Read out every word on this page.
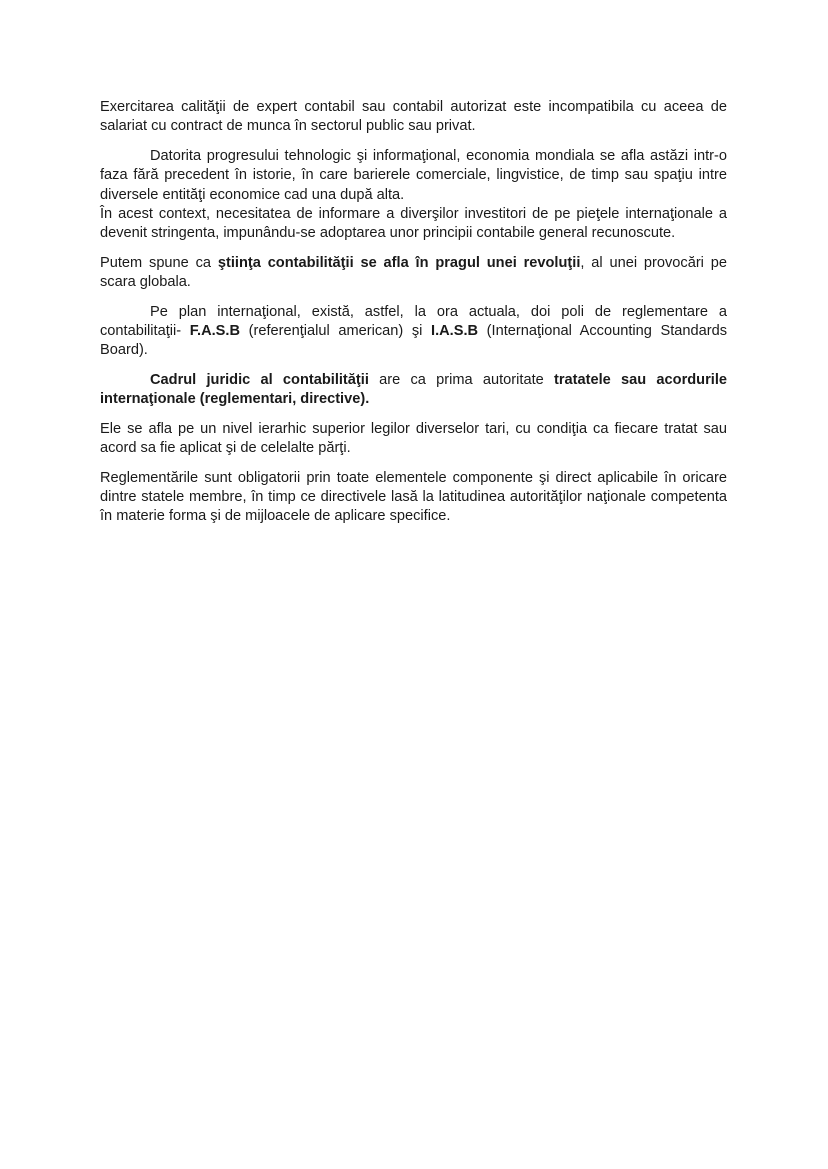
Exercitarea calităţii de expert contabil sau contabil autorizat este incompatibila cu aceea de salariat cu contract de munca în sectorul public sau privat.

Datorita progresului tehnologic şi informaţional, economia mondiala se afla astăzi intr-o faza fără precedent în istorie, în care barierele comerciale, lingvistice, de timp sau spaţiu intre diversele entităţi economice cad una după alta.

În acest context, necesitatea de informare a diverşilor investitori de pe pieţele internaţionale a devenit stringenta, impunându-se adoptarea unor principii contabile general recunoscute.

Putem spune ca ştiinţa contabilităţii se afla în pragul unei revoluţii, al unei provocări pe scara globala.

Pe plan internaţional, există, astfel, la ora actuala, doi poli de reglementare a contabilitaţii- F.A.S.B (referenţialul american) şi I.A.S.B (Internaţional Accounting Standards Board).

Cadrul juridic al contabilităţii are ca prima autoritate tratatele sau acordurile internaţionale (reglementari, directive).

Ele se afla pe un nivel ierarhic superior legilor diverselor tari, cu condiţia ca fiecare tratat sau acord sa fie aplicat şi de celelalte părţi.

Reglementările sunt obligatorii prin toate elementele componente şi direct aplicabile în oricare dintre statele membre, în timp ce directivele lasă la latitudinea autorităţilor naţionale competenta în materie forma şi de mijloacele de aplicare specifice.
